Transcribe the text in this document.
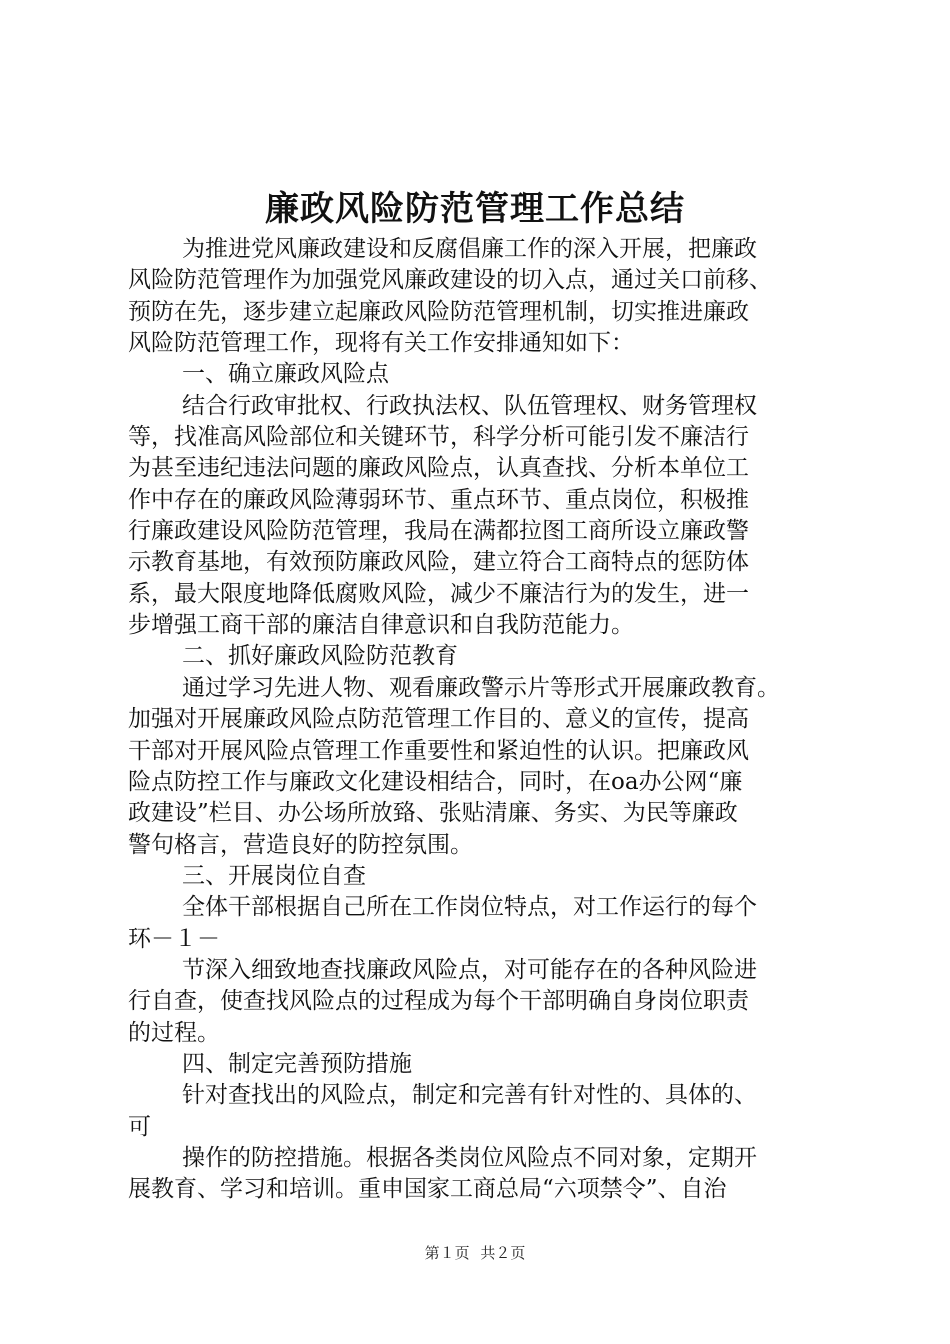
廉政风险防范管理工作总结
为推进党风廉政建设和反腐倡廉工作的深入开展，把廉政
风险防范管理作为加强党风廉政建设的切入点，通过关口前移、
预防在先，逐步建立起廉政风险防范管理机制，切实推进廉政
风险防范管理工作，现将有关工作安排通知如下：
一、确立廉政风险点
结合行政审批权、行政执法权、队伍管理权、财务管理权
等，找准高风险部位和关键环节，科学分析可能引发不廉洁行
为甚至违纪违法问题的廉政风险点，认真查找、分析本单位工
作中存在的廉政风险薄弱环节、重点环节、重点岗位，积极推
行廉政建设风险防范管理，我局在满都拉图工商所设立廉政警
示教育基地，有效预防廉政风险，建立符合工商特点的惩防体
系，最大限度地降低腐败风险，减少不廉洁行为的发生，进一
步增强工商干部的廉洁自律意识和自我防范能力。
二、抓好廉政风险防范教育
通过学习先进人物、观看廉政警示片等形式开展廉政教育。
加强对开展廉政风险点防范管理工作目的、意义的宣传，提高
干部对开展风险点管理工作重要性和紧迫性的认识。把廉政风
险点防控工作与廉政文化建设相结合，同时，在oa办公网“廉
政建设”栏目、办公场所放臵、张贴清廉、务实、为民等廉政
警句格言，营造良好的防控氛围。
三、开展岗位自查
全体干部根据自己所在工作岗位特点，对工作运行的每个
环－１－
节深入细致地查找廉政风险点，对可能存在的各种风险进
行自查，使查找风险点的过程成为每个干部明确自身岗位职责
的过程。
四、制定完善预防措施
针对查找出的风险点，制定和完善有针对性的、具体的、
可
操作的防控措施。根据各类岗位风险点不同对象，定期开
展教育、学习和培训。重申国家工商总局“六项禁令”、自治
第１页 共２页
